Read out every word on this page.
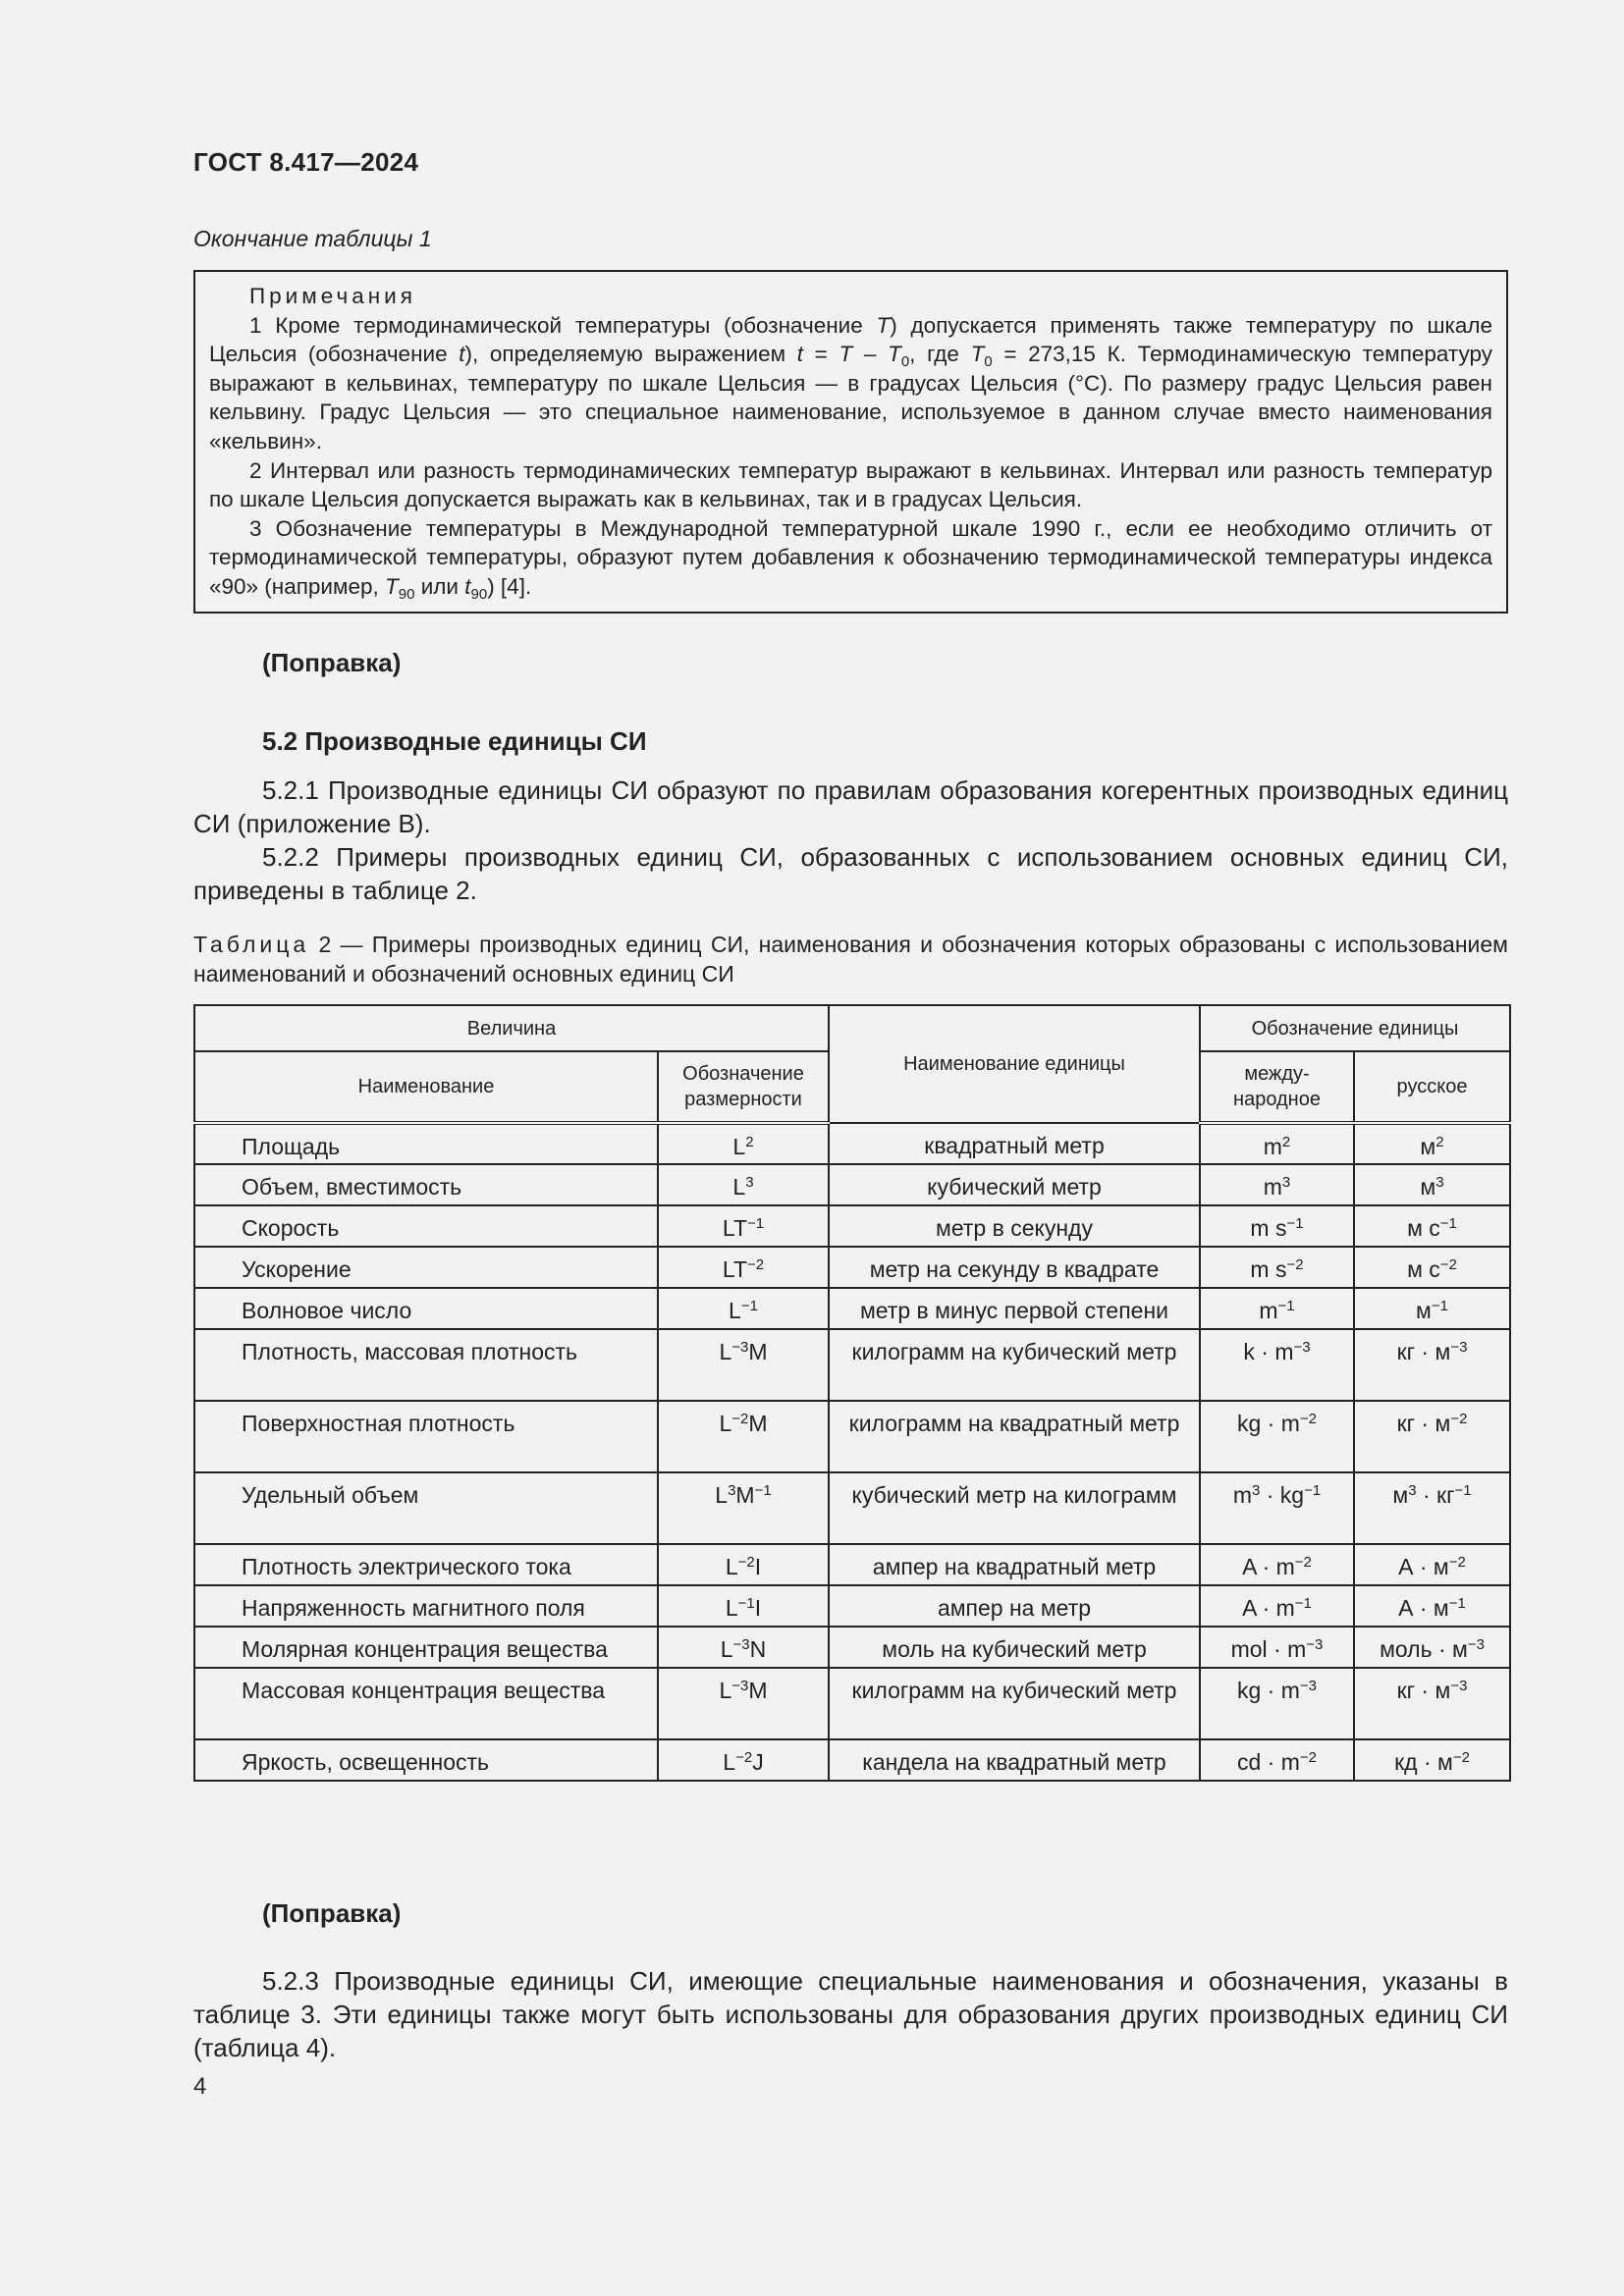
ГОСТ 8.417—2024
Окончание таблицы 1
Примечания

1 Кроме термодинамической температуры (обозначение T) допускается применять также температуру по шкале Цельсия (обозначение t), определяемую выражением $t = T - T_0$, где $T_0 = 273,15$ К. Термодинамическую температуру выражают в кельвинах, температуру по шкале Цельсия — в градусах Цельсия (°С). По размеру градус Цельсия равен кельвину. Градус Цельсия — это специальное наименование, используемое в данном случае вместо наименования «кельвин».

2 Интервал или разность термодинамических температур выражают в кельвинах. Интервал или разность температур по шкале Цельсия допускается выражать как в кельвинах, так и в градусах Цельсия.

3 Обозначение температуры в Международной температурной шкале 1990 г., если ее необходимо отличить от термодинамической температуры, образуют путем добавления к обозначению термодинамической температуры индекса «90» (например, $T_{90}$ или $t_{90}$) [4].

(Поправка)
5.2 Производные единицы СИ

5.2.1 Производные единицы СИ образуют по правилам образования когерентных производных единиц СИ (приложение В).

5.2.2 Примеры производных единиц СИ, образованных с использованием основных единиц СИ, приведены в таблице 2.

Таблица 2 — Примеры производных единиц СИ, наименования и обозначения которых образованы с использованием наименований и обозначений основных единиц СИ
Величина		Наименование единицы	Обозначение единицы	
Наименование	Обозначение размерности		между-народное	русское
Площадь	$L^2$	квадратный метр	$m^2$	$м^2$
Объем, вместимость	$L^3$	кубический метр	$m^3$	$м^3$
Скорость	$LT^{-1}$	метр в секунду	m $s^{-1}$	м $с^{-1}$
Ускорение	$LT^{-2}$	метр на секунду в квадрате	m $s^{-2}$	м $с^{-2}$
Волновое число	$L^{-1}$	метр в минус первой степени	$m^{-1}$	$м^{-1}$
Плотность, массовая плотность	$L^{-3}M$	килограмм на кубический метр	$k \cdot m^{-3}$	кг · $м^{-3}$
Поверхностная плотность	$L^{-2}M$	килограмм на квадратный метр	kg · $m^{-2}$	кг · $м^{-2}$
Удельный объем	$L^3M^{-1}$	кубический метр на килограмм	$m^3 \cdot kg^{-1}$	$м^3 \cdot кг^{-1}$
Плотность электрического тока	$L^{-2}I$	ампер на квадратный метр	$A \cdot m^{-2}$	$А \cdot м^{-2}$
Напряженность магнитного поля	$L^{-1}I$	ампер на метр	$A \cdot m^{-1}$	$А \cdot м^{-1}$
Молярная концентрация вещества	$L^{-3}N$	моль на кубический метр	mol · $m^{-3}$	моль · $м^{-3}$
Массовая концентрация вещества	$L^{-3}M$	килограмм на кубический метр	kg · $m^{-3}$	кг · $м^{-3}$
Яркость, освещенность	$L^{-2}J$	кандела на квадратный метр	cd · $m^{-2}$	кд · $м^{-2}$
(Поправка)

5.2.3 Производные единицы СИ, имеющие специальные наименования и обозначения, указаны в таблице 3. Эти единицы также могут быть использованы для образования других производных единиц СИ (таблица 4).

4
